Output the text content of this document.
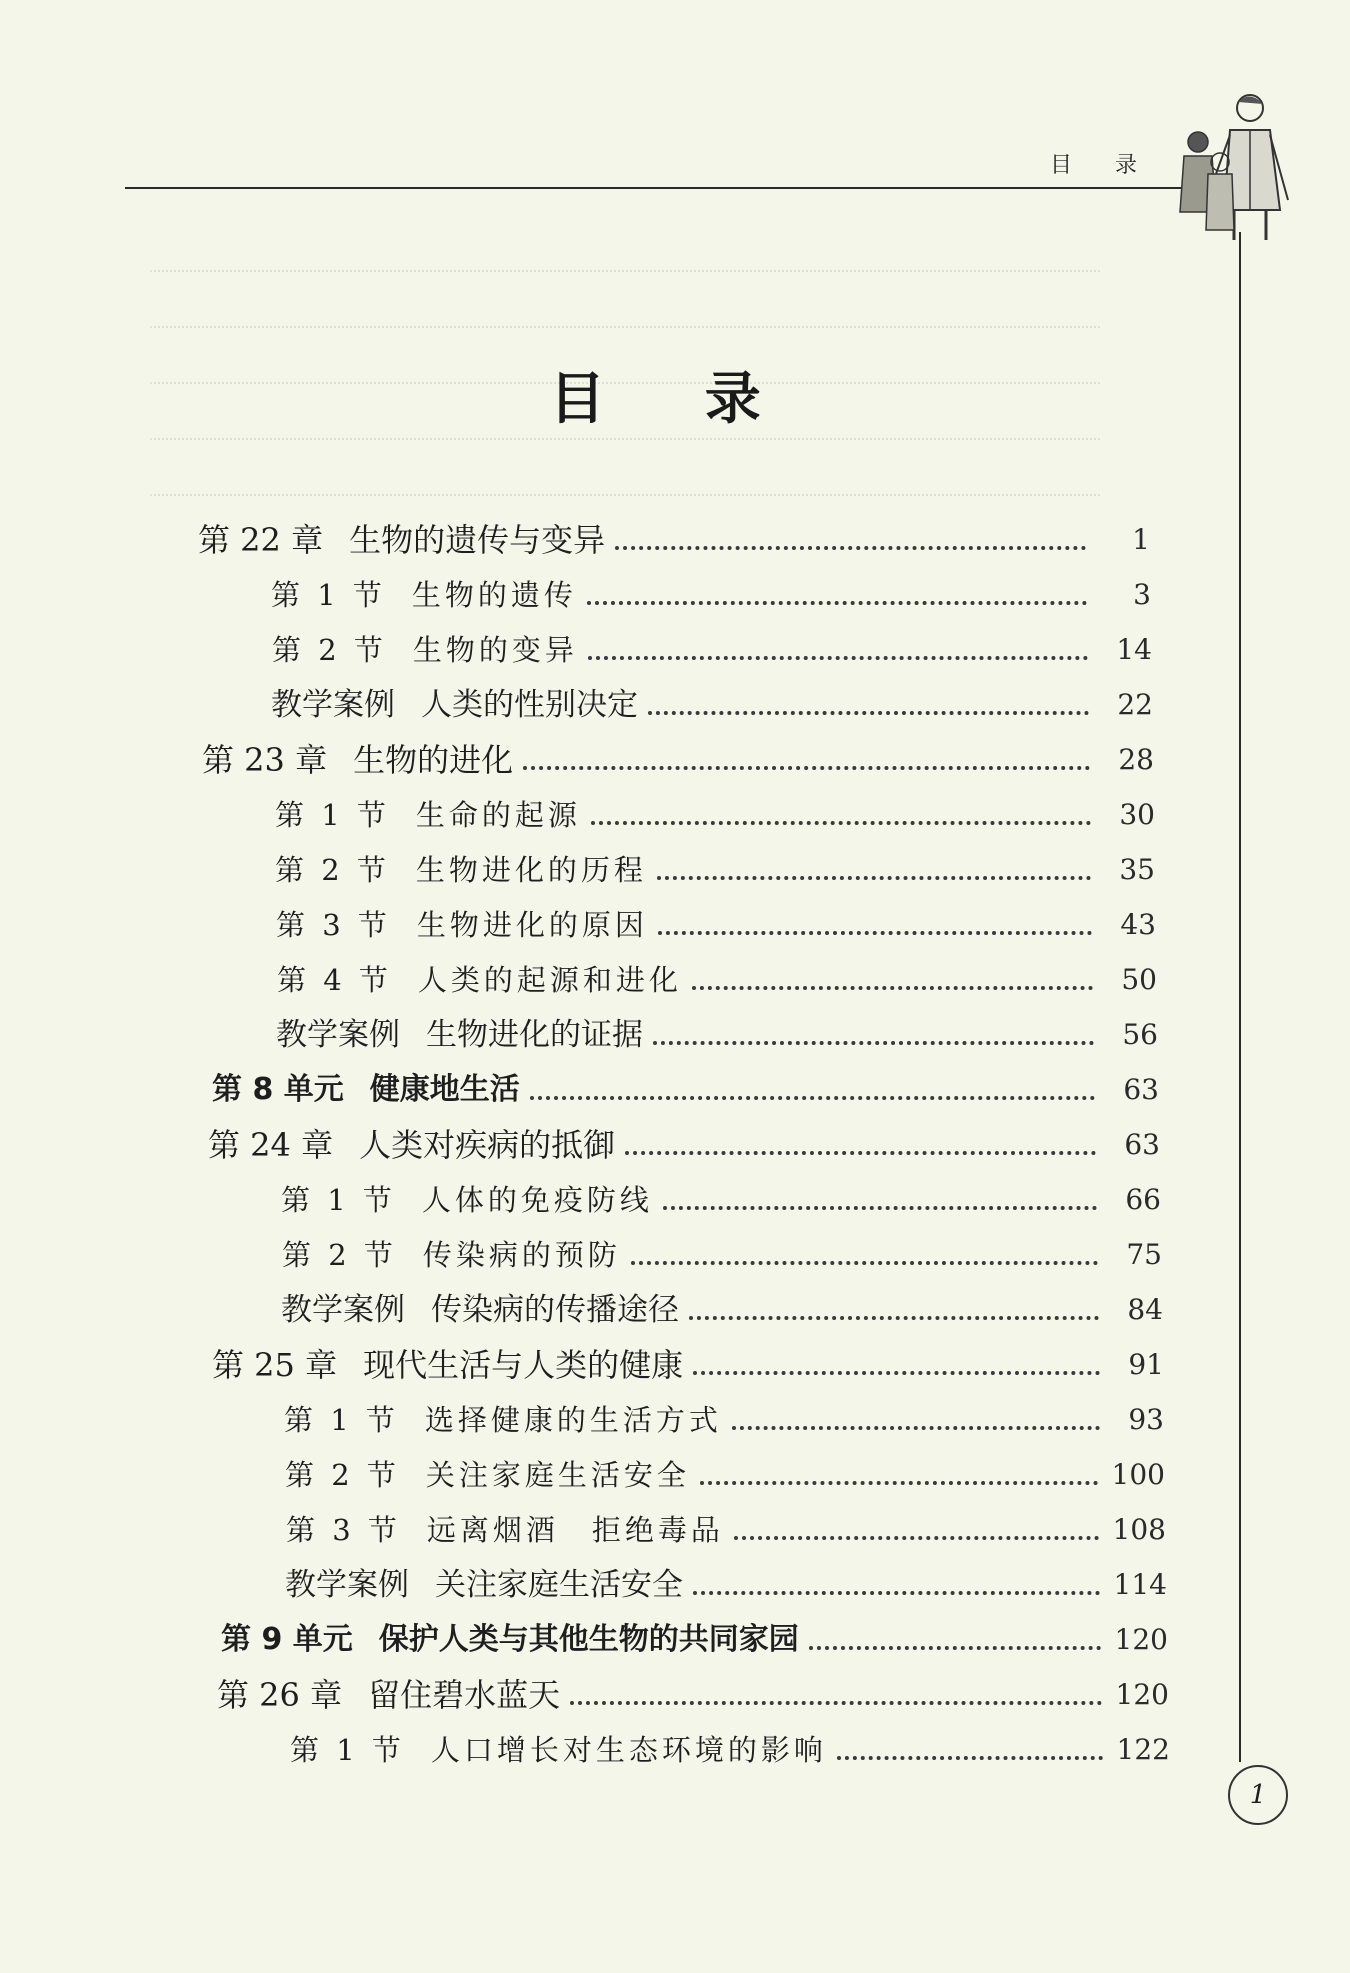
目 录
目 录
第 22 章 生物的遗传与变异	1
第 1 节 生物的遗传	3
第 2 节 生物的变异	14
教学案例 人类的性别决定	22
第 23 章 生物的进化	28
第 1 节 生命的起源	30
第 2 节 生物进化的历程	35
第 3 节 生物进化的原因	43
第 4 节 人类的起源和进化	50
教学案例 生物进化的证据	56
第 8 单元 健康地生活	63
第 24 章 人类对疾病的抵御	63
第 1 节 人体的免疫防线	66
第 2 节 传染病的预防	75
教学案例 传染病的传播途径	84
第 25 章 现代生活与人类的健康	91
第 1 节 选择健康的生活方式	93
第 2 节 关注家庭生活安全	100
第 3 节 远离烟酒　拒绝毒品	108
教学案例 关注家庭生活安全	114
第 9 单元 保护人类与其他生物的共同家园	120
第 26 章 留住碧水蓝天	120
第 1 节 人口增长对生态环境的影响	122
1
